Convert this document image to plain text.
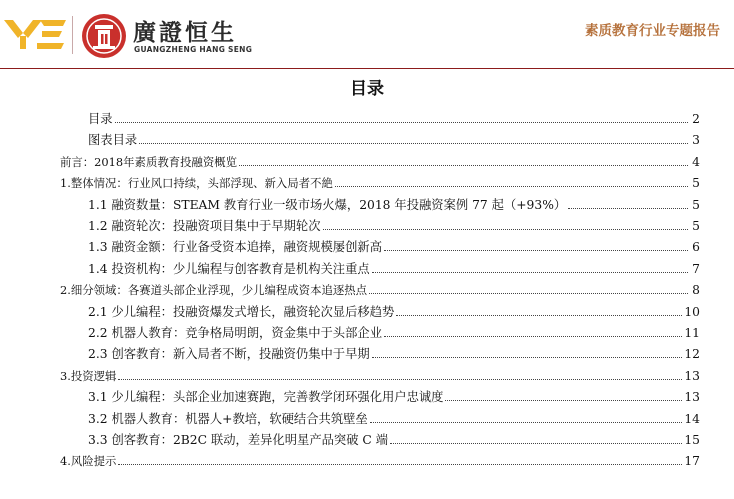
廣證恒生
GUANGZHENG HANG SENG
素质教育行业专题报告
目录
目录	2
图表目录	3
前言：2018年素质教育投融资概览	4
1.整体情况：行业风口持续，头部浮现、新入局者不絶	5
1.1 融资数量：STEAM 教育行业一级市场火爆，2018 年投融资案例 77 起（+93%）	5
1.2 融资轮次：投融资项目集中于早期轮次	5
1.3 融资金额：行业备受资本追捧，融资规模屡创新高	6
1.4 投资机构：少儿编程与创客教育是机构关注重点	7
2.细分领域：各赛道头部企业浮现，少儿编程成资本追逐热点	8
2.1 少儿编程：投融资爆发式增长，融资轮次显后移趋势	10
2.2 机器人教育：竞争格局明朗，资金集中于头部企业	11
2.3 创客教育：新入局者不断，投融资仍集中于早期	12
3.投资逻辑	13
3.1 少儿编程：头部企业加速赛跑，完善教学闭环强化用户忠诚度	13
3.2 机器人教育：机器人+教培，软硬结合共筑壁垒	14
3.3 创客教育：2B2C 联动，差异化明星产品突破 C 端	15
4.风险提示	17
